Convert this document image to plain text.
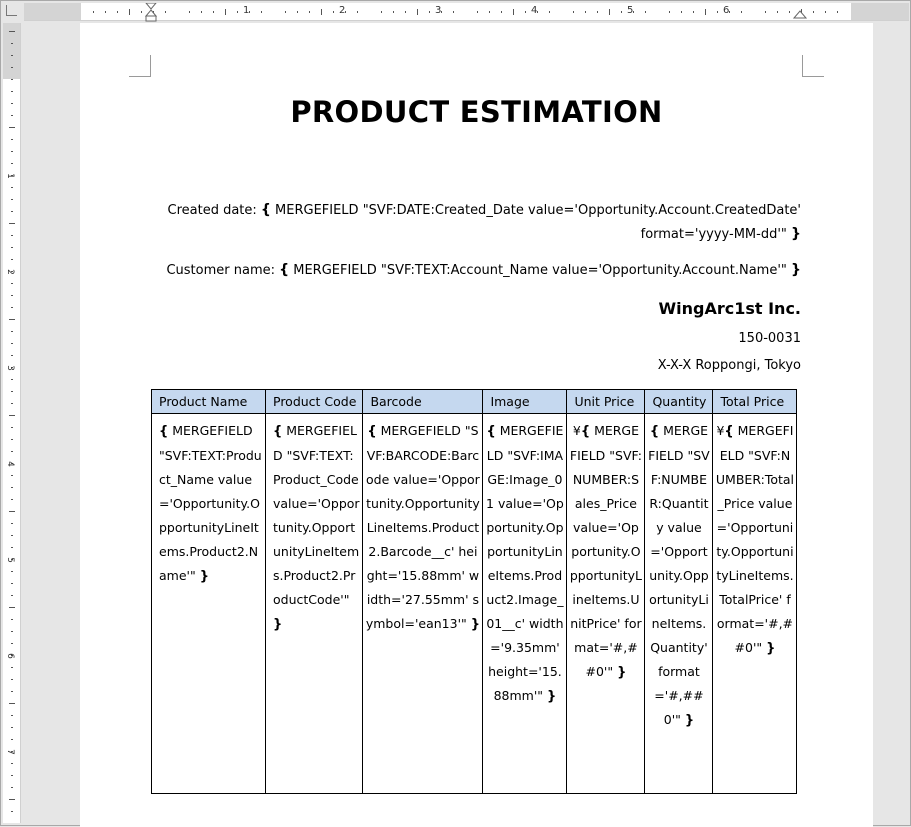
1	2	3	4	5	6
1
2
3
4
5
6
7
PRODUCT ESTIMATION
Created date: { MERGEFIELD "SVF:DATE:Created_Date value='Opportunity.Account.CreatedDate'
format='yyyy-MM-dd'" }
Customer name: { MERGEFIELD "SVF:TEXT:Account_Name value='Opportunity.Account.Name'" }
WingArc1st Inc.
150-0031
X-X-X Roppongi, Tokyo
Product Name	Product Code	Barcode	Image	Unit Price	Quantity	Total Price

{ MERGEFIELD "SVF:TEXT:Product_Name value='Opportunity.OpportunityLineItems.Product2.Name'" }	{ MERGEFIELD "SVF:TEXT:Product_Code value='Opportunity.OpportunityLineItems.Product2.ProductCode'" }	{ MERGEFIELD "SVF:BARCODE:Barcode value='Opportunity.OpportunityLineItems.Product2.Barcode__c' height='15.88mm' width='27.55mm' symbol='ean13'" }	{ MERGEFIELD "SVF:IMAGE:Image_01 value='Opportunity.OpportunityLineItems.Product2.Image_01__c' width='9.35mm' height='15.88mm'" }	¥{ MERGEFIELD "SVF:NUMBER:Sales_Price value='Opportunity.OpportunityLineItems.UnitPrice' format='#,##0'" }	{ MERGEFIELD "SVF:NUMBER:Quantity value='Opportunity.OpportunityLineItems.Quantity' format='#,##0'" }	¥{ MERGEFIELD "SVF:NUMBER:Total_Price value='Opportunity.OpportunityLineItems.TotalPrice' format='#,##0'" }
